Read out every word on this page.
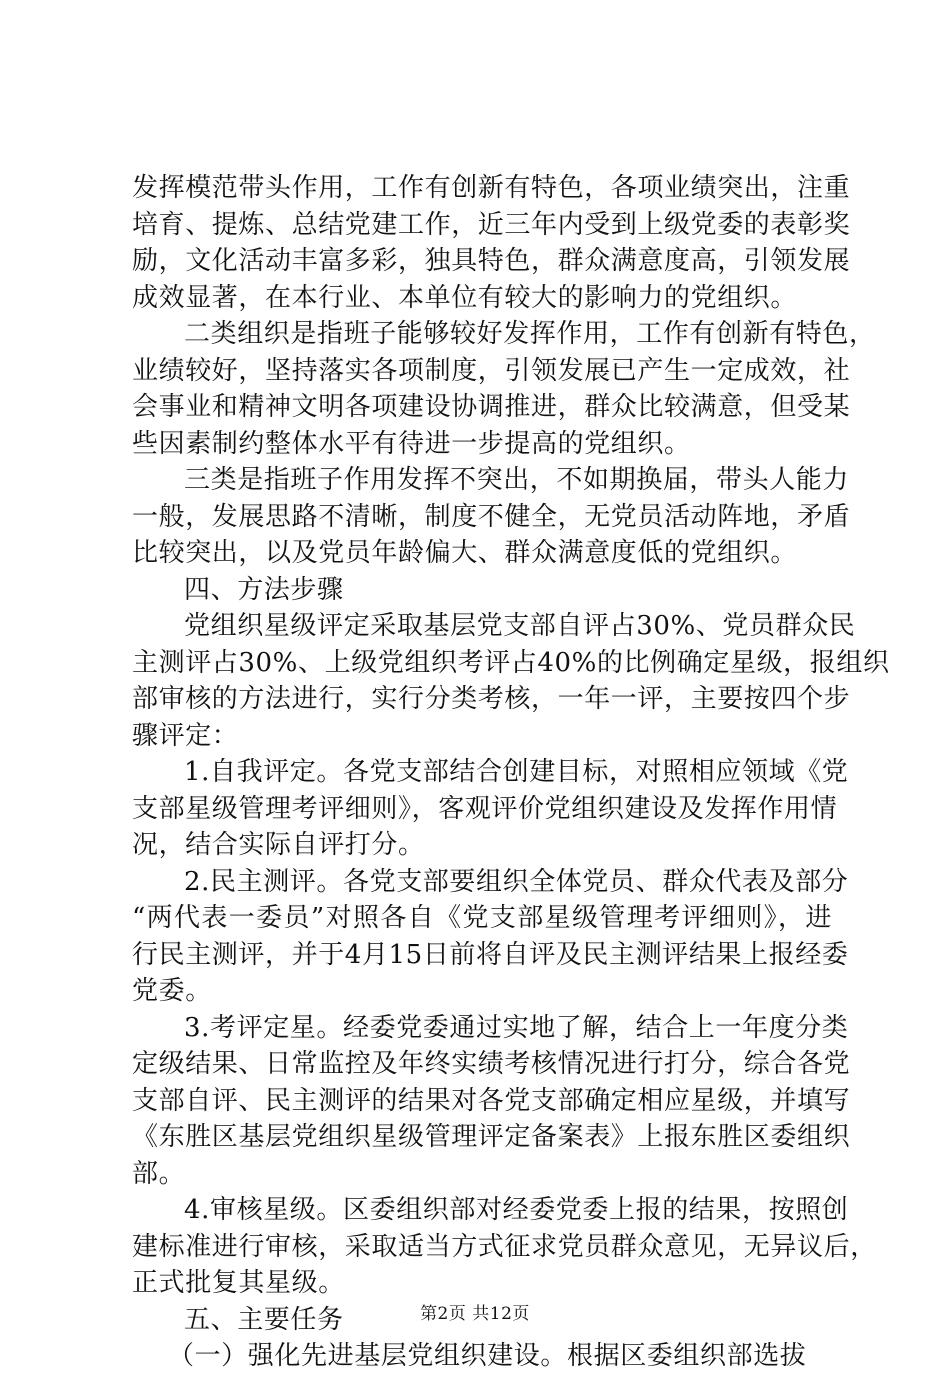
发挥模范带头作用，工作有创新有特色，各项业绩突出，注重
培育、提炼、总结党建工作，近三年内受到上级党委的表彰奖
励，文化活动丰富多彩，独具特色，群众满意度高，引领发展
成效显著，在本行业、本单位有较大的影响力的党组织。
二类组织是指班子能够较好发挥作用，工作有创新有特色，
业绩较好，坚持落实各项制度，引领发展已产生一定成效，社
会事业和精神文明各项建设协调推进，群众比较满意，但受某
些因素制约整体水平有待进一步提高的党组织。
三类是指班子作用发挥不突出，不如期换届，带头人能力
一般，发展思路不清晰，制度不健全，无党员活动阵地，矛盾
比较突出，以及党员年龄偏大、群众满意度低的党组织。
四、方法步骤
党组织星级评定采取基层党支部自评占30%、党员群众民
主测评占30%、上级党组织考评占40%的比例确定星级，报组织
部审核的方法进行，实行分类考核，一年一评，主要按四个步
骤评定：
1.自我评定。各党支部结合创建目标，对照相应领域《党
支部星级管理考评细则》，客观评价党组织建设及发挥作用情
况，结合实际自评打分。
2.民主测评。各党支部要组织全体党员、群众代表及部分
“两代表一委员”对照各自《党支部星级管理考评细则》，进
行民主测评，并于4月15日前将自评及民主测评结果上报经委
党委。
3.考评定星。经委党委通过实地了解，结合上一年度分类
定级结果、日常监控及年终实绩考核情况进行打分，综合各党
支部自评、民主测评的结果对各党支部确定相应星级，并填写
《东胜区基层党组织星级管理评定备案表》上报东胜区委组织
部。
4.审核星级。区委组织部对经委党委上报的结果，按照创
建标准进行审核，采取适当方式征求党员群众意见，无异议后，
正式批复其星级。
五、主要任务
（一）强化先进基层党组织建设。根据区委组织部选拔
第2页 共12页
